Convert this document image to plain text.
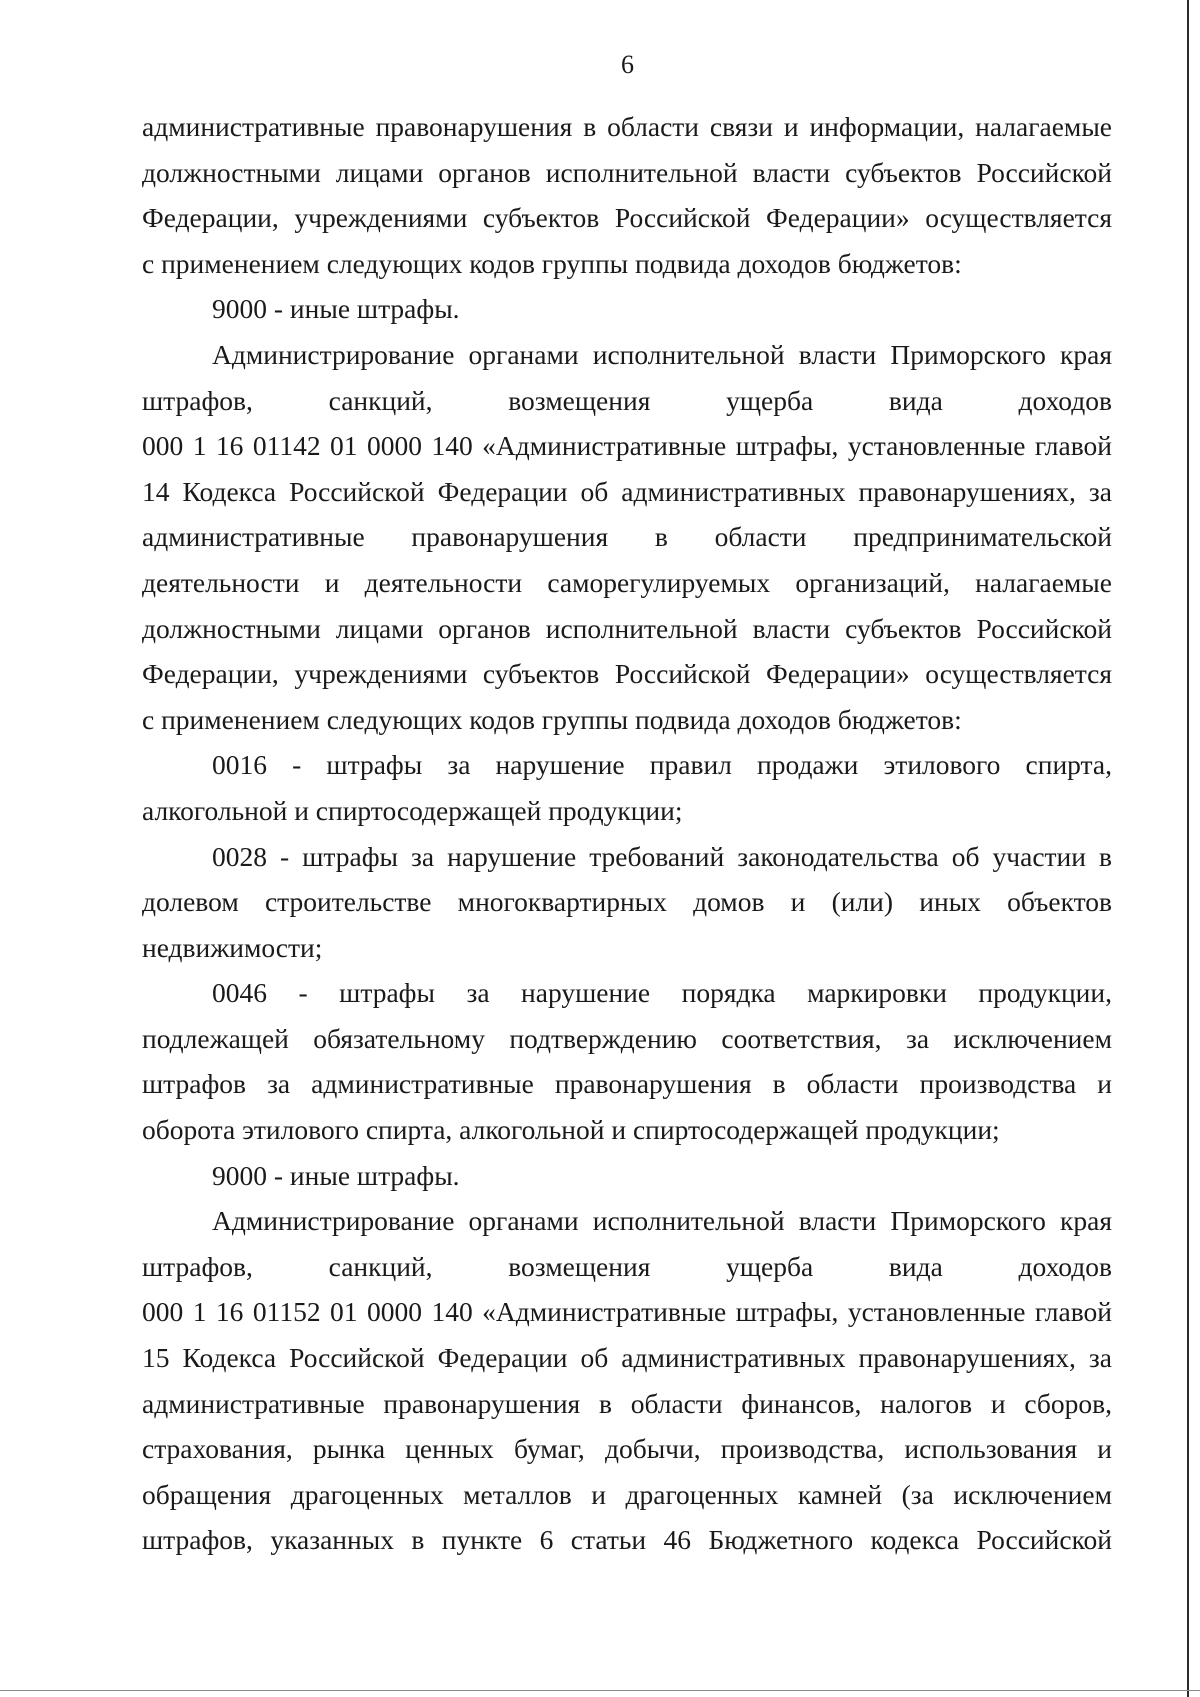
6
административные правонарушения в области связи и информации, налагаемые
должностными лицами органов исполнительной власти субъектов Российской
Федерации, учреждениями субъектов Российской Федерации» осуществляется
с применением следующих кодов группы подвида доходов бюджетов:
9000 - иные штрафы.
Администрирование органами исполнительной власти Приморского края
штрафов, санкций, возмещения ущерба вида доходов
000 1 16 01142 01 0000 140 «Административные штрафы, установленные главой
14 Кодекса Российской Федерации об административных правонарушениях, за
административные правонарушения в области предпринимательской
деятельности и деятельности саморегулируемых организаций, налагаемые
должностными лицами органов исполнительной власти субъектов Российской
Федерации, учреждениями субъектов Российской Федерации» осуществляется
с применением следующих кодов группы подвида доходов бюджетов:
0016 - штрафы за нарушение правил продажи этилового спирта,
алкогольной и спиртосодержащей продукции;
0028 - штрафы за нарушение требований законодательства об участии в
долевом строительстве многоквартирных домов и (или) иных объектов
недвижимости;
0046 - штрафы за нарушение порядка маркировки продукции,
подлежащей обязательному подтверждению соответствия, за исключением
штрафов за административные правонарушения в области производства и
оборота этилового спирта, алкогольной и спиртосодержащей продукции;
9000 - иные штрафы.
Администрирование органами исполнительной власти Приморского края
штрафов, санкций, возмещения ущерба вида доходов
000 1 16 01152 01 0000 140 «Административные штрафы, установленные главой
15 Кодекса Российской Федерации об административных правонарушениях, за
административные правонарушения в области финансов, налогов и сборов,
страхования, рынка ценных бумаг, добычи, производства, использования и
обращения драгоценных металлов и драгоценных камней (за исключением
штрафов, указанных в пункте 6 статьи 46 Бюджетного кодекса Российской
